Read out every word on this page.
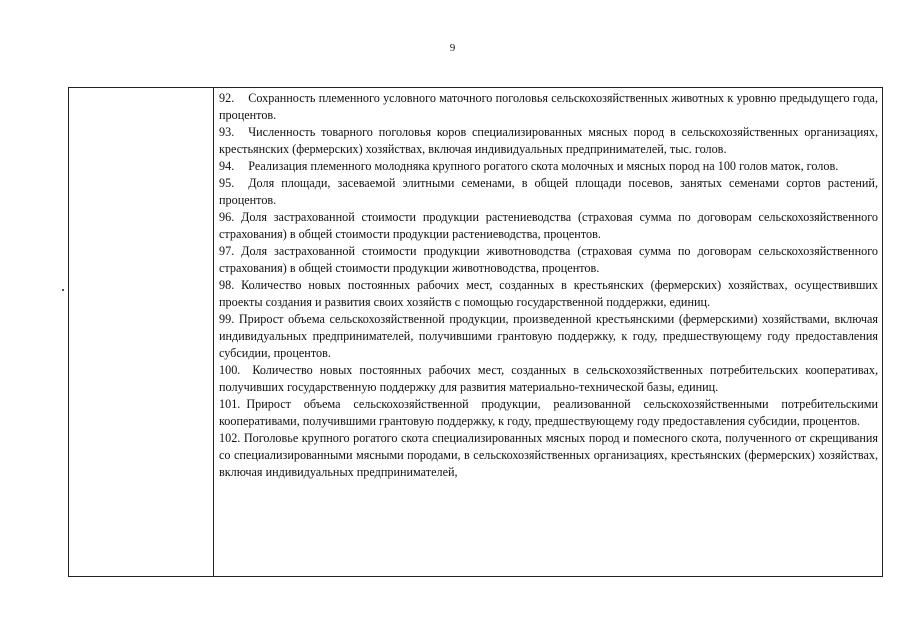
9

92. Сохранность племенного условного маточного поголовья сельскохозяйственных животных к уровню предыдущего года, процентов.

93. Численность товарного поголовья коров специализированных мясных пород в сельскохозяйственных организациях, крестьянских (фермерских) хозяйствах, включая индивидуальных предпринимателей, тыс. голов.

94. Реализация племенного молодняка крупного рогатого скота молочных и мясных пород на 100 голов маток, голов.

95. Доля площади, засеваемой элитными семенами, в общей площади посевов, занятых семенами сортов растений, процентов.

96. Доля застрахованной стоимости продукции растениеводства (страховая сумма по договорам сельскохозяйственного страхования) в общей стоимости продукции растениеводства, процентов.

97. Доля застрахованной стоимости продукции животноводства (страховая сумма по договорам сельскохозяйственного страхования) в общей стоимости продукции животноводства, процентов.

98. Количество новых постоянных рабочих мест, созданных в крестьянских (фермерских) хозяйствах, осуществивших проекты создания и развития своих хозяйств с помощью государственной поддержки, единиц.

99. Прирост объема сельскохозяйственной продукции, произведенной крестьянскими (фермерскими) хозяйствами, включая индивидуальных предпринимателей, получившими грантовую поддержку, к году, предшествующему году предоставления субсидии, процентов.

100. Количество новых постоянных рабочих мест, созданных в сельскохозяйственных потребительских кооперативах, получивших государственную поддержку для развития материально-технической базы, единиц.

101. Прирост объема сельскохозяйственной продукции, реализованной сельскохозяйственными потребительскими кооперативами, получившими грантовую поддержку, к году, предшествующему году предоставления субсидии, процентов.

102. Поголовье крупного рогатого скота специализированных мясных пород и помесного скота, полученного от скрещивания со специализированными мясными породами, в сельскохозяйственных организациях, крестьянских (фермерских) хозяйствах, включая индивидуальных предпринимателей,
